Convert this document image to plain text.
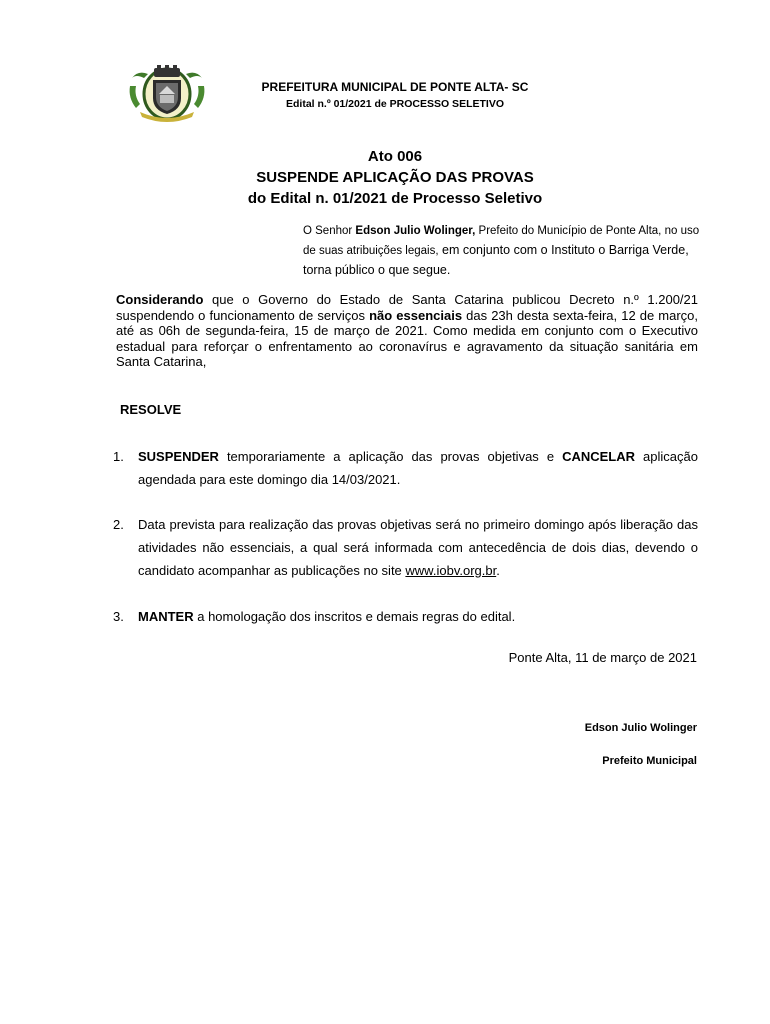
PREFEITURA MUNICIPAL DE PONTE ALTA- SC
Edital n.º 01/2021 de PROCESSO SELETIVO
Ato 006
SUSPENDE APLICAÇÃO DAS PROVAS
do Edital n. 01/2021 de Processo Seletivo
O Senhor Edson Julio Wolinger, Prefeito do Município de Ponte Alta, no uso de suas atribuições legais, em conjunto com o Instituto o Barriga Verde, torna público o que segue.
Considerando que o Governo do Estado de Santa Catarina publicou Decreto n.º 1.200/21 suspendendo o funcionamento de serviços não essenciais das 23h desta sexta-feira, 12 de março, até as 06h de segunda-feira, 15 de março de 2021. Como medida em conjunto com o Executivo estadual para reforçar o enfrentamento ao coronavírus e agravamento da situação sanitária em Santa Catarina,
RESOLVE
1. SUSPENDER temporariamente a aplicação das provas objetivas e CANCELAR aplicação agendada para este domingo dia 14/03/2021.
2. Data prevista para realização das provas objetivas será no primeiro domingo após liberação das atividades não essenciais, a qual será informada com antecedência de dois dias, devendo o candidato acompanhar as publicações no site www.iobv.org.br.
3. MANTER a homologação dos inscritos e demais regras do edital.
Ponte Alta, 11 de março de 2021
Edson Julio Wolinger
Prefeito Municipal
